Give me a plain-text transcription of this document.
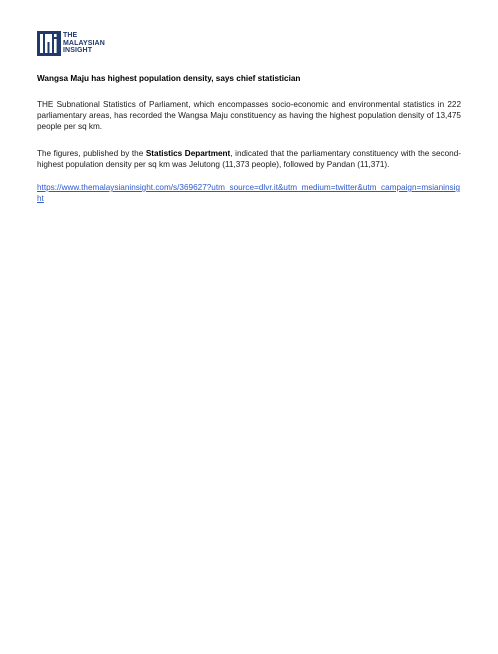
THE
MALAYSIAN
INSIGHT

Wangsa Maju has highest population density, says chief statistician

THE Subnational Statistics of Parliament, which encompasses socio-economic and environmental statistics in 222 parliamentary areas, has recorded the Wangsa Maju constituency as having the highest population density of 13,475 people per sq km.

The figures, published by the Statistics Department, indicated that the parliamentary constituency with the second-highest population density per sq km was Jelutong (11,373 people), followed by Pandan (11,371).

https://www.themalaysianinsight.com/s/369627?utm_source=dlvr.it&utm_medium=twitter&utm_campaign=msianinsight
